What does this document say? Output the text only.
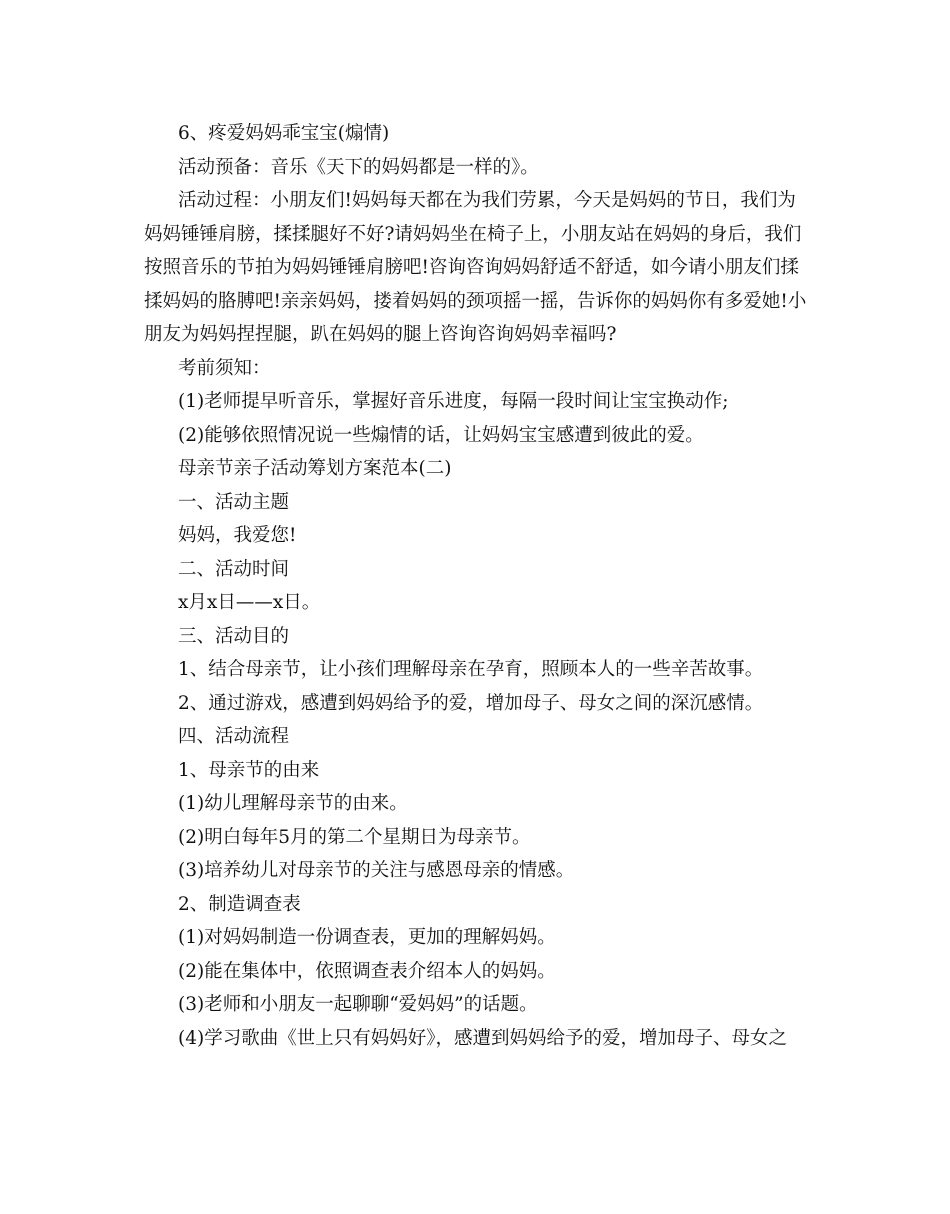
6、疼爱妈妈乖宝宝(煽情)
活动预备：音乐《天下的妈妈都是一样的》。
活动过程：小朋友们!妈妈每天都在为我们劳累，今天是妈妈的节日，我们为
妈妈锤锤肩膀，揉揉腿好不好?请妈妈坐在椅子上，小朋友站在妈妈的身后，我们
按照音乐的节拍为妈妈锤锤肩膀吧!咨询咨询妈妈舒适不舒适，如今请小朋友们揉
揉妈妈的胳膊吧!亲亲妈妈，搂着妈妈的颈项摇一摇，告诉你的妈妈你有多爱她!小
朋友为妈妈捏捏腿，趴在妈妈的腿上咨询咨询妈妈幸福吗?
考前须知：
(1)老师提早听音乐，掌握好音乐进度，每隔一段时间让宝宝换动作;
(2)能够依照情况说一些煽情的话，让妈妈宝宝感遭到彼此的爱。
母亲节亲子活动筹划方案范本(二)
一、活动主题
妈妈，我爱您!
二、活动时间
x月x日——x日。
三、活动目的
1、结合母亲节，让小孩们理解母亲在孕育，照顾本人的一些辛苦故事。
2、通过游戏，感遭到妈妈给予的爱，增加母子、母女之间的深沉感情。
四、活动流程
1、母亲节的由来
(1)幼儿理解母亲节的由来。
(2)明白每年5月的第二个星期日为母亲节。
(3)培养幼儿对母亲节的关注与感恩母亲的情感。
2、制造调查表
(1)对妈妈制造一份调查表，更加的理解妈妈。
(2)能在集体中，依照调查表介绍本人的妈妈。
(3)老师和小朋友一起聊聊“爱妈妈”的话题。
(4)学习歌曲《世上只有妈妈好》，感遭到妈妈给予的爱，增加母子、母女之
